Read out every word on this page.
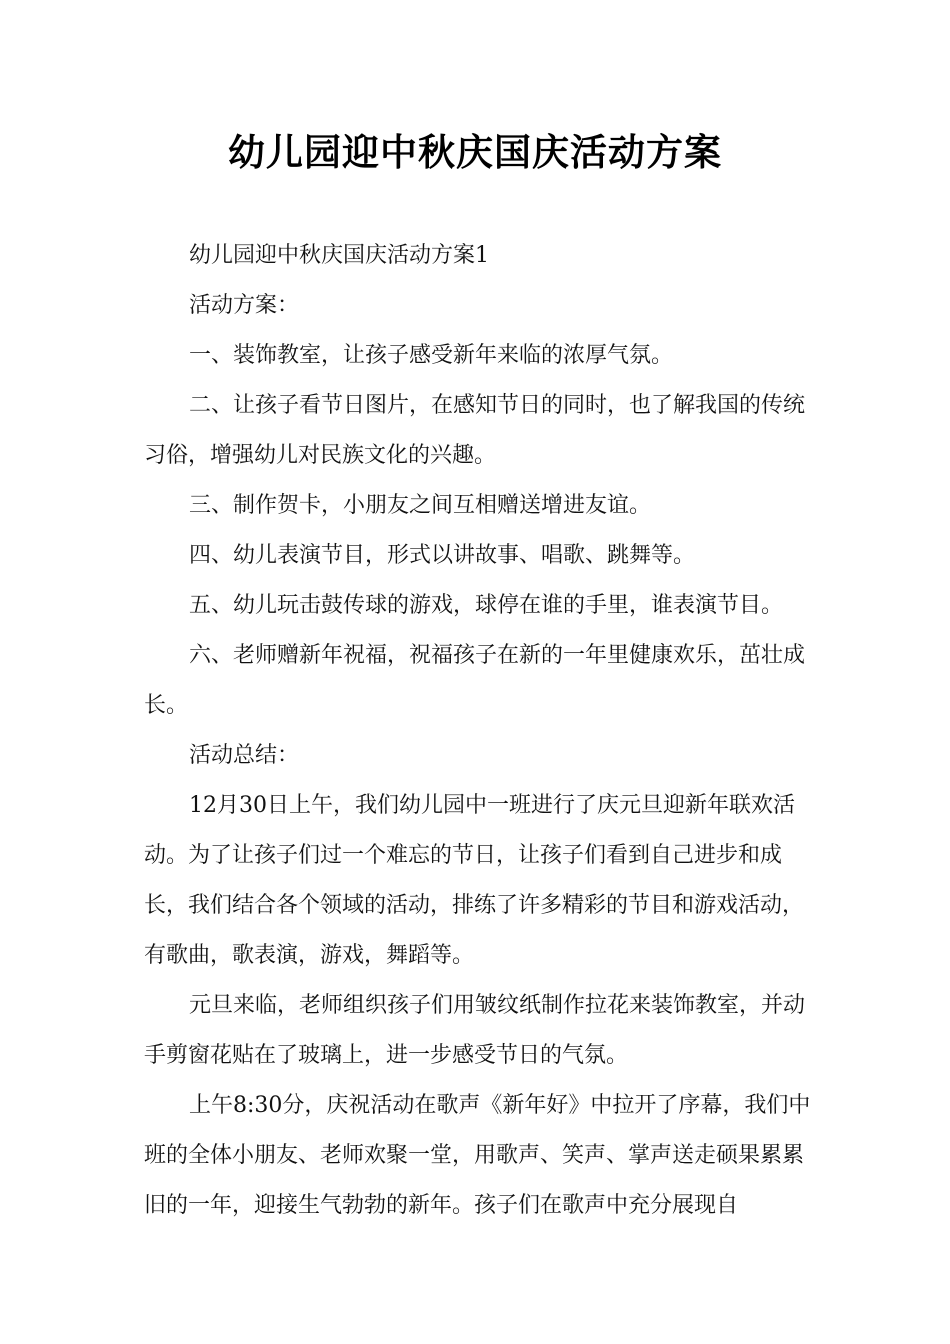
幼儿园迎中秋庆国庆活动方案

幼儿园迎中秋庆国庆活动方案1

活动方案：

一、装饰教室，让孩子感受新年来临的浓厚气氛。

二、让孩子看节日图片，在感知节日的同时，也了解我国的传统习俗，增强幼儿对民族文化的兴趣。

三、制作贺卡，小朋友之间互相赠送增进友谊。

四、幼儿表演节目，形式以讲故事、唱歌、跳舞等。

五、幼儿玩击鼓传球的游戏，球停在谁的手里，谁表演节目。

六、老师赠新年祝福，祝福孩子在新的一年里健康欢乐，茁壮成长。

活动总结：

12月30日上午，我们幼儿园中一班进行了庆元旦迎新年联欢活动。为了让孩子们过一个难忘的节日，让孩子们看到自己进步和成长，我们结合各个领域的活动，排练了许多精彩的节目和游戏活动，有歌曲，歌表演，游戏，舞蹈等。

元旦来临，老师组织孩子们用皱纹纸制作拉花来装饰教室，并动手剪窗花贴在了玻璃上，进一步感受节日的气氛。

上午8:30分，庆祝活动在歌声《新年好》中拉开了序幕，我们中班的全体小朋友、老师欢聚一堂，用歌声、笑声、掌声送走硕果累累旧的一年，迎接生气勃勃的新年。孩子们在歌声中充分展现自
